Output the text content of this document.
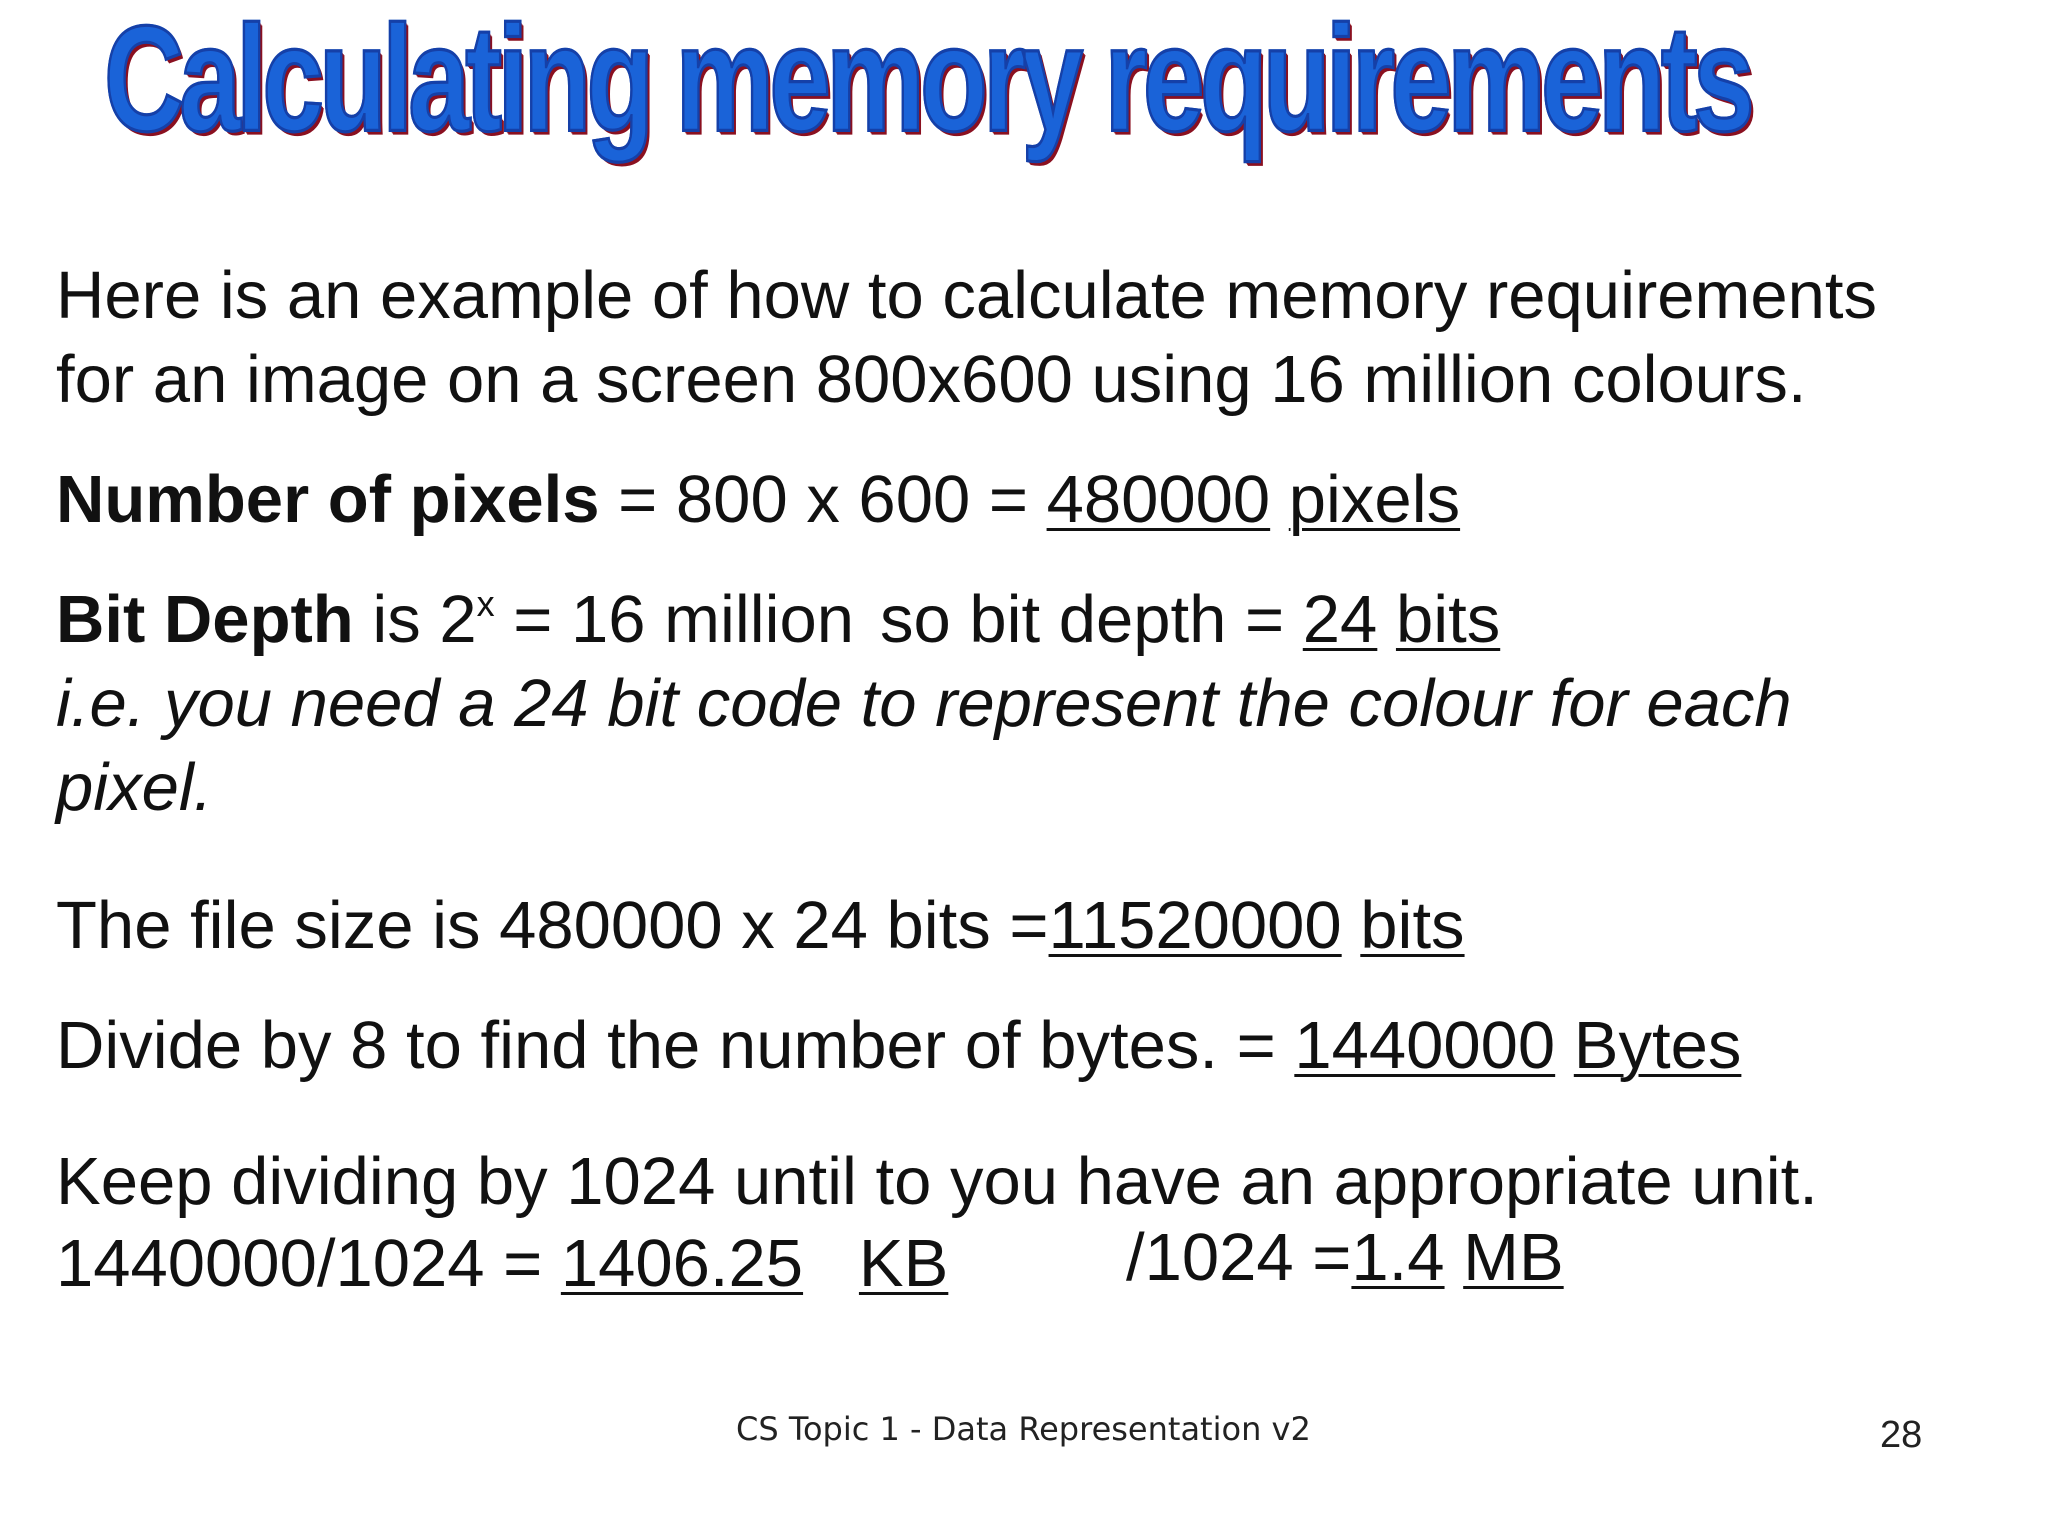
Calculating memory requirements
Here is an example of how to calculate memory requirements
for an image on a screen 800x600 using 16 million colours.
Number of pixels = 800 x 600 = 480000 pixels
Bit Depth is $2^x = 16$ million so bit depth = 24 bits
i.e. you need a 24 bit code to represent the colour for each
pixel.
The file size is 480000 x 24 bits =11520000 bits
Divide by 8 to find the number of bytes. = 1440000 Bytes
Keep dividing by 1024 until to you have an appropriate unit.
1440000/1024 = 1406.25 KB	/1024 =1.4 MB
CS Topic 1 - Data Representation v2	28
